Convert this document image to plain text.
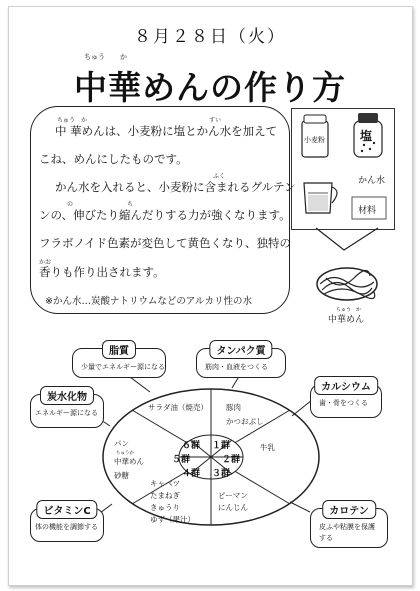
８月２８日（火）
ちゅう か
中華めんの作り方
ちゅう　か	すい
中 華めんは、小麦粉に塩とかん水を加えて
こね、めんにしたものです。
ふく
かん水を入れると、小麦粉に含まれるグルテン
の	ち
ンの、伸びたり縮んだりする力が強くなります。
フラボノイド色素が変色して黄色くなり、独特の
かお
香りも作り出されます。
※かん水…炭酸ナトリウムなどのアルカリ性の水
小麦粉	塩
かん水
材料
ちゅう　か
中華めん
６群 １群
５群	２群
４群 ３群
サラダ油（焼売） 豚肉
かつおぶし
牛乳
パン
ちゅうか
中華めん
砂糖
キャベツ
たまねぎ
きゅうり
ゆず（果汁）
ピーマン
にんじん
脂質
少量でエネルギー源になる
タンパク質
筋肉・血液をつくる
炭水化物
エネルギー源になる
カルシウム
歯・骨をつくる
ビタミンC
体の機能を調節する
カロテン
皮ふや粘膜を保護
する
